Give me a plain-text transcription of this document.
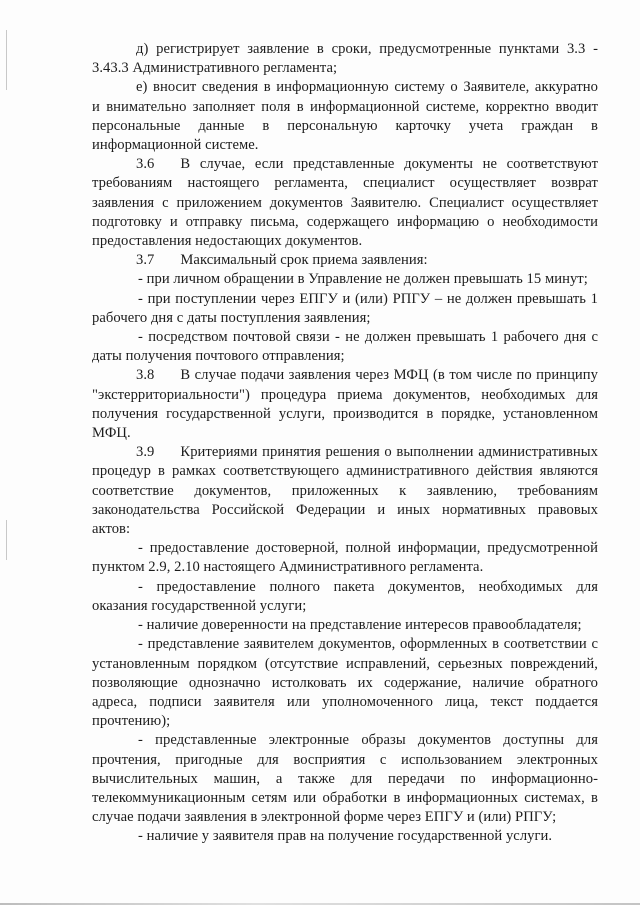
д) регистрирует заявление в сроки, предусмотренные пунктами 3.3 -
3.43.3 Административного регламента;
е) вносит сведения в информационную систему о Заявителе, аккуратно
и внимательно заполняет поля в информационной системе, корректно вводит
персональные данные в персональную карточку учета граждан в
информационной системе.
3.6 В случае, если представленные документы не соответствуют
требованиям настоящего регламента, специалист осуществляет возврат
заявления с приложением документов Заявителю. Специалист осуществляет
подготовку и отправку письма, содержащего информацию о необходимости
предоставления недостающих документов.
3.7 Максимальный срок приема заявления:
- при личном обращении в Управление не должен превышать 15 минут;
- при поступлении через ЕПГУ и (или) РПГУ – не должен превышать 1
рабочего дня с даты поступления заявления;
- посредством почтовой связи - не должен превышать 1 рабочего дня с
даты получения почтового отправления;
3.8 В случае подачи заявления через МФЦ (в том числе по принципу
"экстерриториальности") процедура приема документов, необходимых для
получения государственной услуги, производится в порядке, установленном
МФЦ.
3.9 Критериями принятия решения о выполнении административных
процедур в рамках соответствующего административного действия являются
соответствие документов, приложенных к заявлению, требованиям
законодательства Российской Федерации и иных нормативных правовых
актов:
- предоставление достоверной, полной информации, предусмотренной
пунктом 2.9, 2.10 настоящего Административного регламента.
- предоставление полного пакета документов, необходимых для
оказания государственной услуги;
- наличие доверенности на представление интересов правообладателя;
- представление заявителем документов, оформленных в соответствии с
установленным порядком (отсутствие исправлений, серьезных повреждений,
позволяющие однозначно истолковать их содержание, наличие обратного
адреса, подписи заявителя или уполномоченного лица, текст поддается
прочтению);
- представленные электронные образы документов доступны для
прочтения, пригодные для восприятия с использованием электронных
вычислительных машин, а также для передачи по информационно-
телекоммуникационным сетям или обработки в информационных системах, в
случае подачи заявления в электронной форме через ЕПГУ и (или) РПГУ;
- наличие у заявителя прав на получение государственной услуги.
